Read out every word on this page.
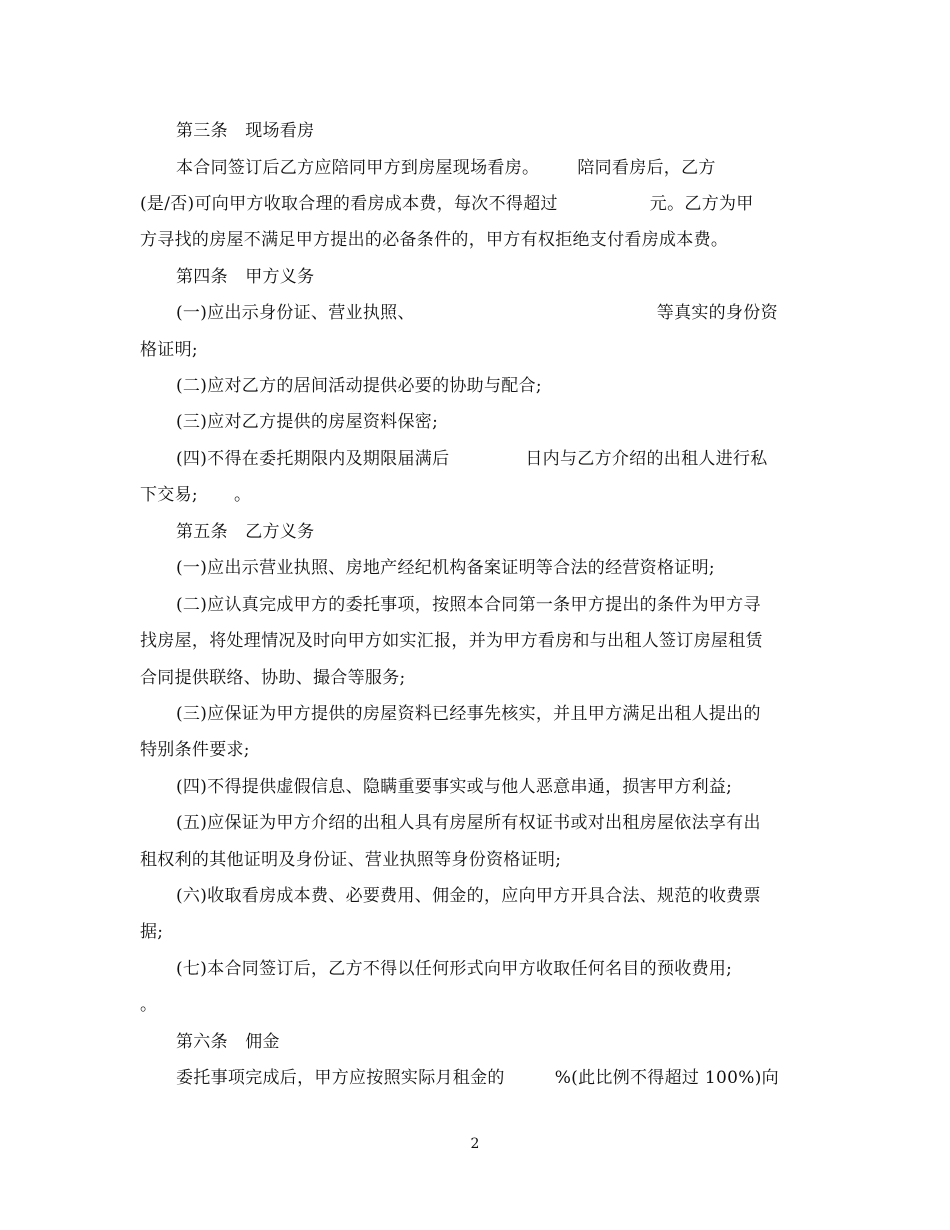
第三条　现场看房
本合同签订后乙方应陪同甲方到房屋现场看房。 陪同看房后，乙方
(是/否)可向甲方收取合理的看房成本费，每次不得超过	元。乙方为甲
方寻找的房屋不满足甲方提出的必备条件的，甲方有权拒绝支付看房成本费。
第四条　甲方义务
(一)应出示身份证、营业执照、	等真实的身份资
格证明;
(二)应对乙方的居间活动提供必要的协助与配合;
(三)应对乙方提供的房屋资料保密;
(四)不得在委托期限内及期限届满后	日内与乙方介绍的出租人进行私
下交易; 。
第五条　乙方义务
(一)应出示营业执照、房地产经纪机构备案证明等合法的经营资格证明;
(二)应认真完成甲方的委托事项，按照本合同第一条甲方提出的条件为甲方寻
找房屋，将处理情况及时向甲方如实汇报，并为甲方看房和与出租人签订房屋租赁
合同提供联络、协助、撮合等服务;
(三)应保证为甲方提供的房屋资料已经事先核实，并且甲方满足出租人提出的
特别条件要求;
(四)不得提供虚假信息、隐瞒重要事实或与他人恶意串通，损害甲方利益;
(五)应保证为甲方介绍的出租人具有房屋所有权证书或对出租房屋依法享有出
租权利的其他证明及身份证、营业执照等身份资格证明;
(六)收取看房成本费、必要费用、佣金的，应向甲方开具合法、规范的收费票
据;
(七)本合同签订后，乙方不得以任何形式向甲方收取任何名目的预收费用;
。
第六条　佣金
委托事项完成后，甲方应按照实际月租金的	%(此比例不得超过 100%)向
2
